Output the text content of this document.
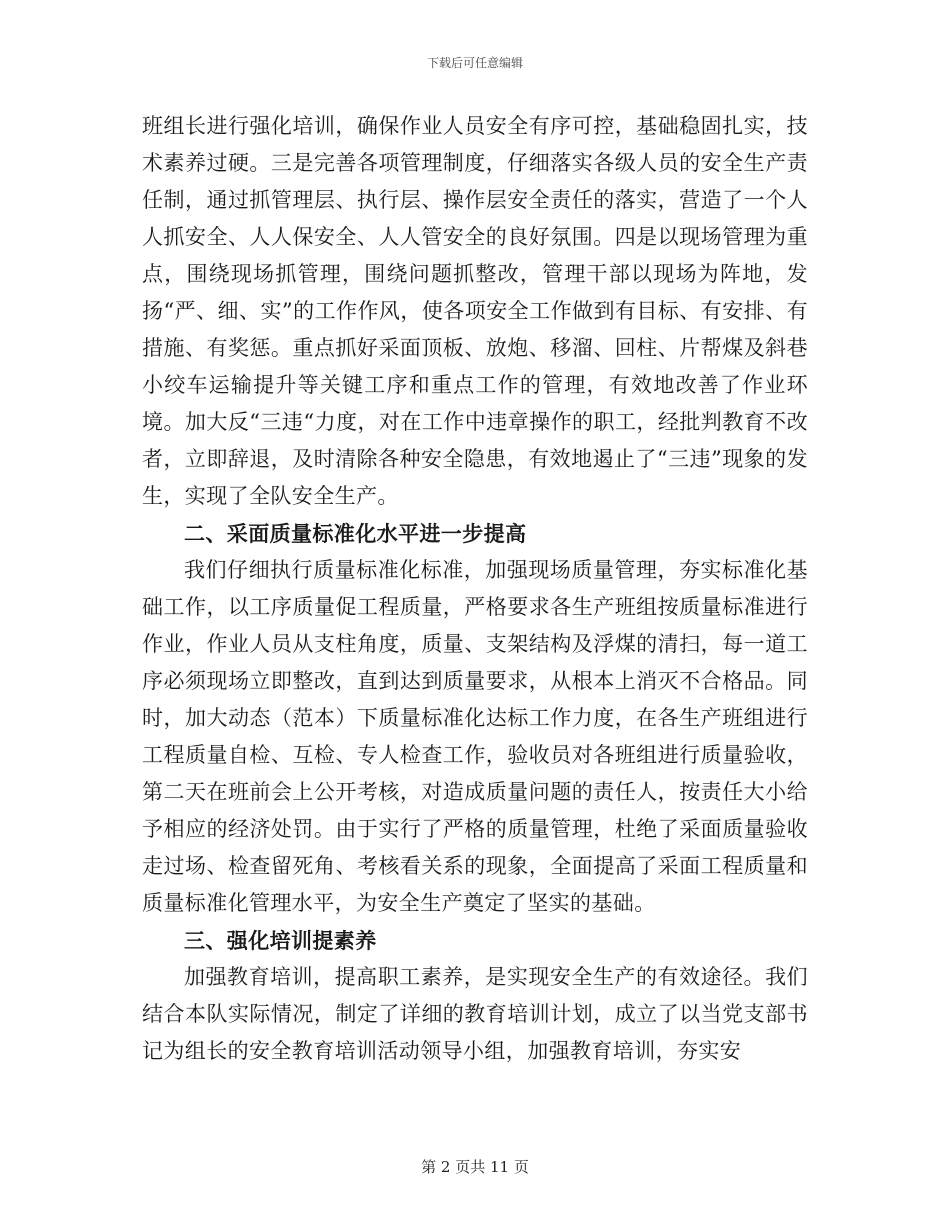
下载后可任意编辑

班组长进行强化培训，确保作业人员安全有序可控，基础稳固扎实，技术素养过硬。三是完善各项管理制度，仔细落实各级人员的安全生产责任制，通过抓管理层、执行层、操作层安全责任的落实，营造了一个人人抓安全、人人保安全、人人管安全的良好氛围。四是以现场管理为重点，围绕现场抓管理，围绕问题抓整改，管理干部以现场为阵地，发扬“严、细、实”的工作作风，使各项安全工作做到有目标、有安排、有措施、有奖惩。重点抓好采面顶板、放炮、移溜、回柱、片帮煤及斜巷小绞车运输提升等关键工序和重点工作的管理，有效地改善了作业环境。加大反“三违“力度，对在工作中违章操作的职工，经批判教育不改者，立即辞退，及时清除各种安全隐患，有效地遏止了“三违”现象的发生，实现了全队安全生产。

二、采面质量标准化水平进一步提高

我们仔细执行质量标准化标准，加强现场质量管理，夯实标准化基础工作，以工序质量促工程质量，严格要求各生产班组按质量标准进行作业，作业人员从支柱角度，质量、支架结构及浮煤的清扫，每一道工序必须现场立即整改，直到达到质量要求，从根本上消灭不合格品。同时，加大动态（范本）下质量标准化达标工作力度，在各生产班组进行工程质量自检、互检、专人检查工作，验收员对各班组进行质量验收，第二天在班前会上公开考核，对造成质量问题的责任人，按责任大小给予相应的经济处罚。由于实行了严格的质量管理，杜绝了采面质量验收走过场、检查留死角、考核看关系的现象，全面提高了采面工程质量和质量标准化管理水平，为安全生产奠定了坚实的基础。

三、强化培训提素养

加强教育培训，提高职工素养，是实现安全生产的有效途径。我们结合本队实际情况，制定了详细的教育培训计划，成立了以当党支部书记为组长的安全教育培训活动领导小组，加强教育培训，夯实安

第 2 页共 11 页
